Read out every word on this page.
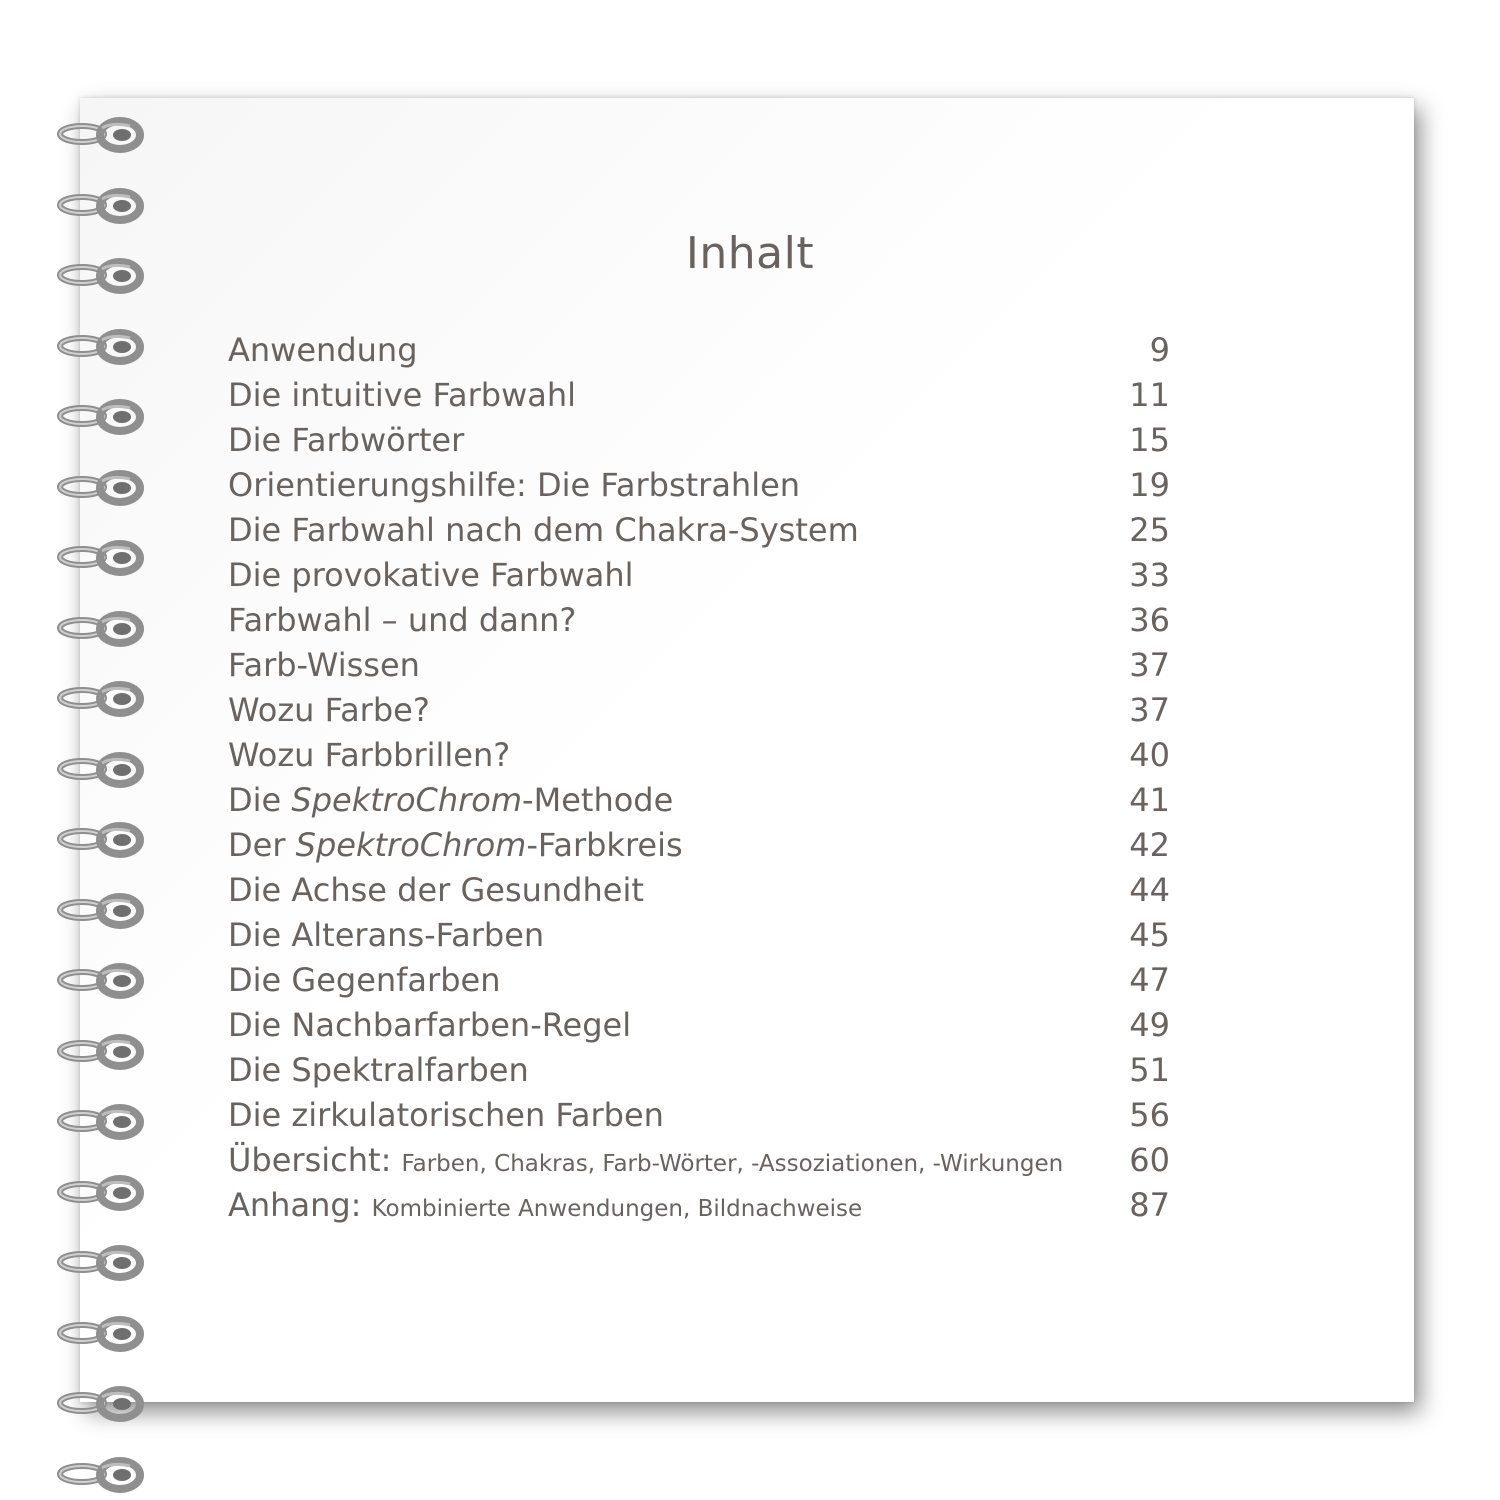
Inhalt
Anwendung	9
Die intuitive Farbwahl	11
Die Farbwörter	15
Orientierungshilfe: Die Farbstrahlen	19
Die Farbwahl nach dem Chakra-System	25
Die provokative Farbwahl	33
Farbwahl – und dann?	36
Farb-Wissen	37
Wozu Farbe?	37
Wozu Farbbrillen?	40
Die SpektroChrom-Methode	41
Der SpektroChrom-Farbkreis	42
Die Achse der Gesundheit	44
Die Alterans-Farben	45
Die Gegenfarben	47
Die Nachbarfarben-Regel	49
Die Spektralfarben	51
Die zirkulatorischen Farben	56
Übersicht: Farben, Chakras, Farb-Wörter, -Assoziationen, -Wirkungen 60
Anhang: Kombinierte Anwendungen, Bildnachweise	87
